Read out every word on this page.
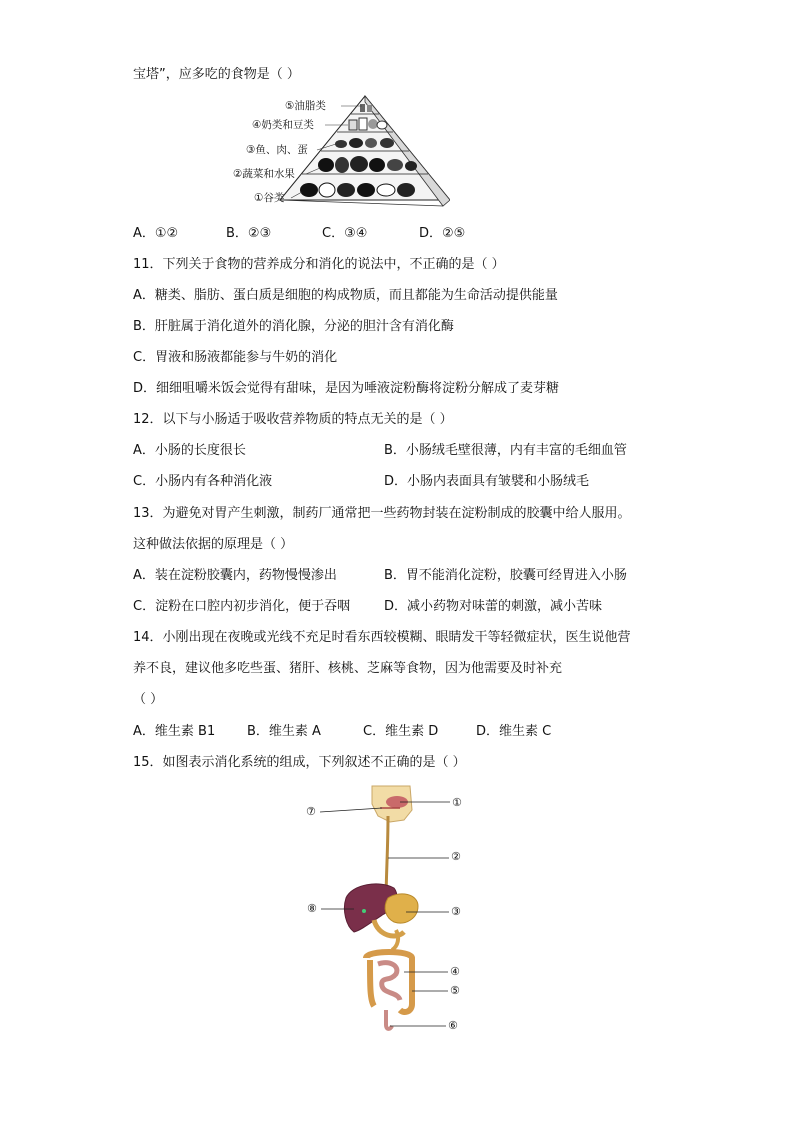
宝塔”，应多吃的食物是（ ）
⑤油脂类
④奶类和豆类
③鱼、肉、蛋
②蔬菜和水果
①谷类
A．①②	B．②③	C．③④	D．②⑤
11．下列关于食物的营养成分和消化的说法中，不正确的是（ ）
A．糖类、脂肪、蛋白质是细胞的构成物质，而且都能为生命活动提供能量
B．肝脏属于消化道外的消化腺，分泌的胆汁含有消化酶
C．胃液和肠液都能参与牛奶的消化
D．细细咀嚼米饭会觉得有甜味，是因为唾液淀粉酶将淀粉分解成了麦芽糖
12．以下与小肠适于吸收营养物质的特点无关的是（ ）
A．小肠的长度很长	B．小肠绒毛壁很薄，内有丰富的毛细血管
C．小肠内有各种消化液	D．小肠内表面具有皱襞和小肠绒毛
13．为避免对胃产生刺激，制药厂通常把一些药物封装在淀粉制成的胶囊中给人服用。
这种做法依据的原理是（ ）
A．装在淀粉胶囊内，药物慢慢渗出	B．胃不能消化淀粉，胶囊可经胃进入小肠
C．淀粉在口腔内初步消化，便于吞咽	D．减小药物对味蕾的刺激，减小苦味
14．小刚出现在夜晚或光线不充足时看东西较模糊、眼睛发干等轻微症状，医生说他营
养不良，建议他多吃些蛋、猪肝、核桃、芝麻等食物，因为他需要及时补充
（ ）
A．维生素 B1 B．维生素 A	C．维生素 D	D．维生素 C
15．如图表示消化系统的组成，下列叙述不正确的是（ ）
①
②
③
④
⑤
⑥
⑦
⑧
